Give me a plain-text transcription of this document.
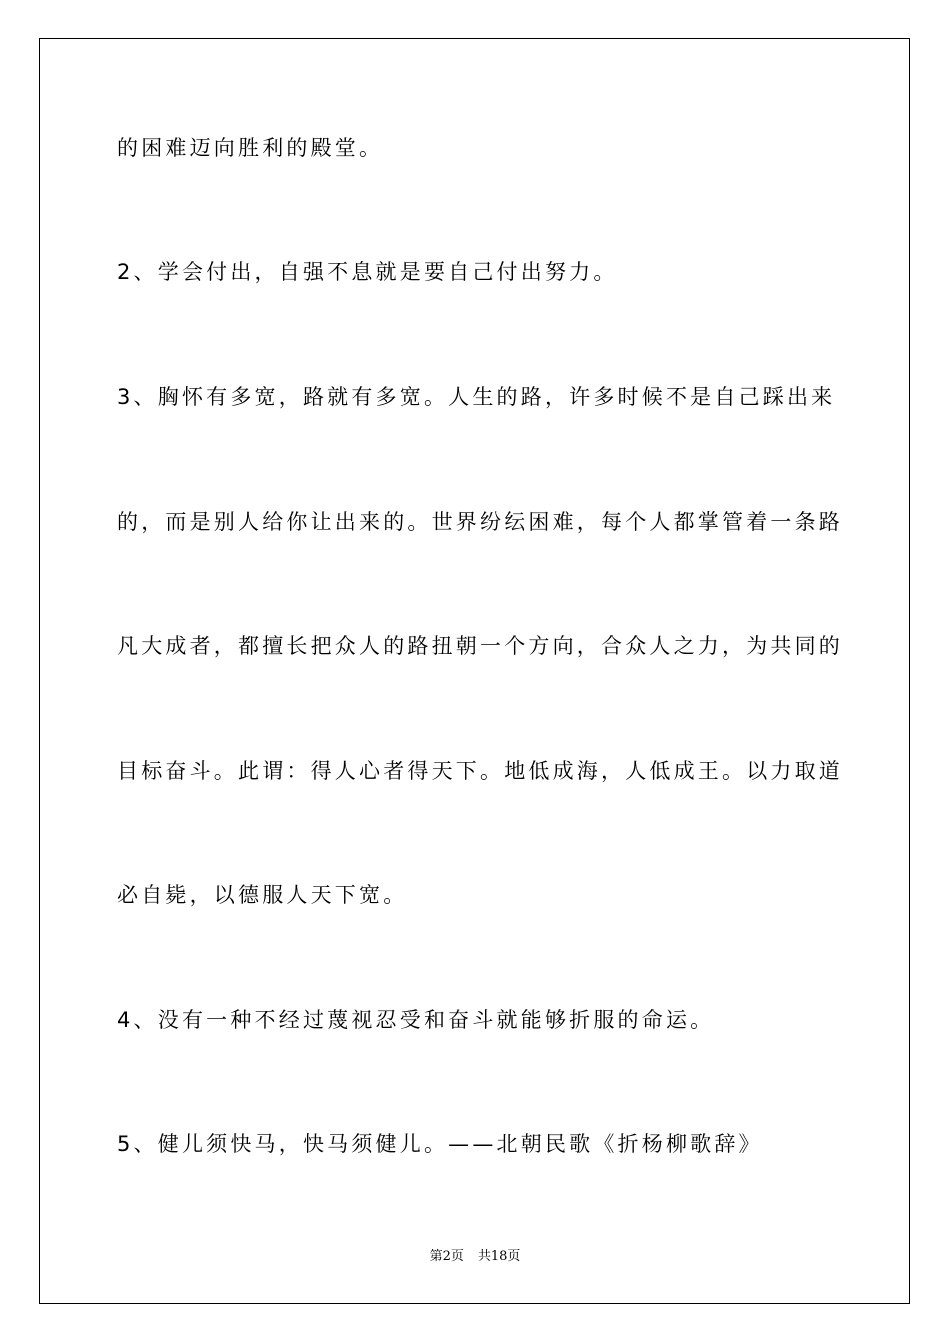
的困难迈向胜利的殿堂。
2、学会付出，自强不息就是要自己付出努力。
3、胸怀有多宽，路就有多宽。人生的路，许多时候不是自己踩出来
的，而是别人给你让出来的。世界纷纭困难，每个人都掌管着一条路
凡大成者，都擅长把众人的路扭朝一个方向，合众人之力，为共同的
目标奋斗。此谓：得人心者得天下。地低成海，人低成王。以力取道
必自毙，以德服人天下宽。
4、没有一种不经过蔑视忍受和奋斗就能够折服的命运。
5、健儿须快马，快马须健儿。——北朝民歌《折杨柳歌辞》
第2页 共18页
